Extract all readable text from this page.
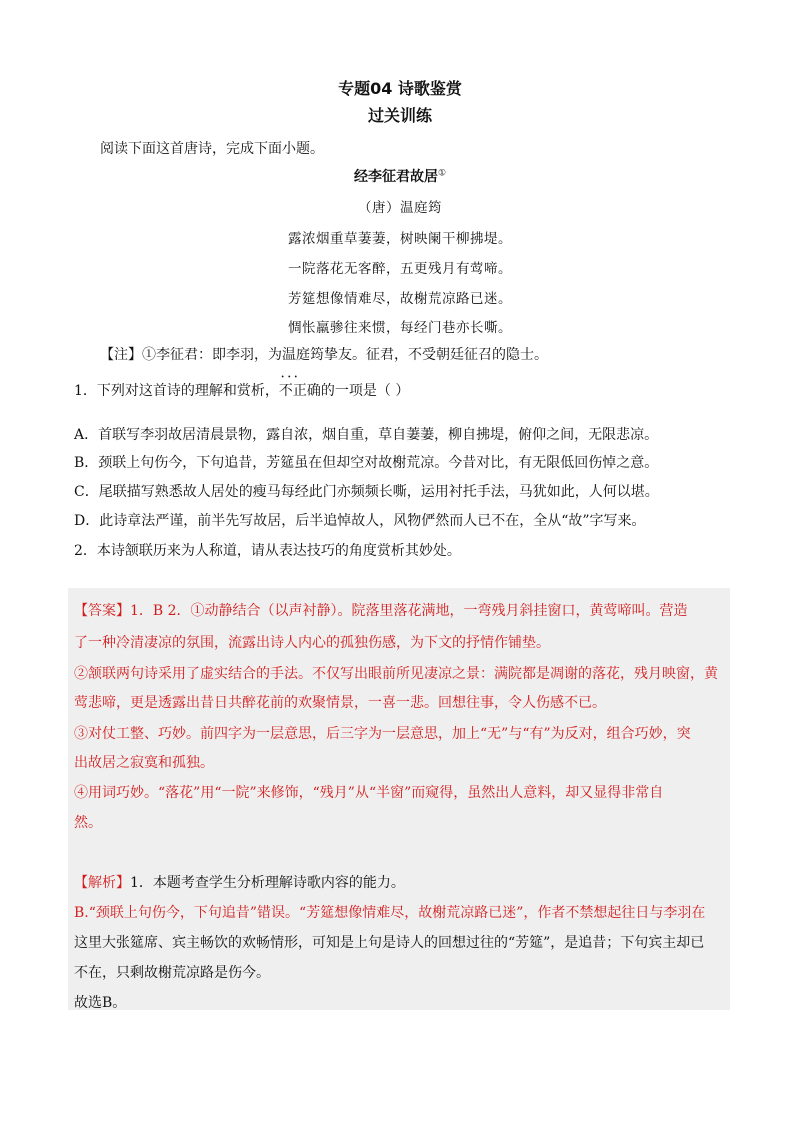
专题04 诗歌鉴赏
过关训练
阅读下面这首唐诗，完成下面小题。
经李征君故居①
（唐）温庭筠
露浓烟重草萋萋，树映阑干柳拂堤。
一院落花无客醉，五更残月有莺啼。
芳筵想像情难尽，故榭荒凉路已迷。
惆怅羸骖往来惯，每经门巷亦长嘶。
【注】①李征君：即李羽，为温庭筠挚友。征君，不受朝廷征召的隐士。
1．下列对这首诗的理解和赏析，• • • 不正确的一项是（ ）
A．首联写李羽故居清晨景物，露自浓，烟自重，草自萋萋，柳自拂堤，俯仰之间，无限悲凉。
B．颈联上句伤今，下句追昔，芳筵虽在但却空对故榭荒凉。今昔对比，有无限低回伤悼之意。
C．尾联描写熟悉故人居处的瘦马每经此门亦频频长嘶，运用衬托手法，马犹如此，人何以堪。
D．此诗章法严谨，前半先写故居，后半追悼故人，风物俨然而人已不在，全从“故”字写来。
2．本诗颔联历来为人称道，请从表达技巧的角度赏析其妙处。
【答案】1．B 2．①动静结合（以声衬静）。院落里落花满地，一弯残月斜挂窗口，黄莺啼叫。营造
了一种冷清凄凉的氛围，流露出诗人内心的孤独伤感，为下文的抒情作铺垫。
②颔联两句诗采用了虚实结合的手法。不仅写出眼前所见凄凉之景：满院都是凋谢的落花，残月映窗，黄
莺悲啼，更是透露出昔日共醉花前的欢聚情景，一喜一悲。回想往事，令人伤感不已。
③对仗工整、巧妙。前四字为一层意思，后三字为一层意思，加上“无”与“有”为反对，组合巧妙，突
出故居之寂寞和孤独。
④用词巧妙。“落花”用“一院”来修饰，“残月”从“半窗”而窥得，虽然出人意料，却又显得非常自
然。
【解析】1．本题考查学生分析理解诗歌内容的能力。
B.“颈联上句伤今，下句追昔”错误。“芳筵想像情难尽，故榭荒凉路已迷”，作者不禁想起往日与李羽在
这里大张筵席、宾主畅饮的欢畅情形，可知是上句是诗人的回想过往的“芳筵”，是追昔；下句宾主却已
不在，只剩故榭荒凉路是伤今。
故选B。
